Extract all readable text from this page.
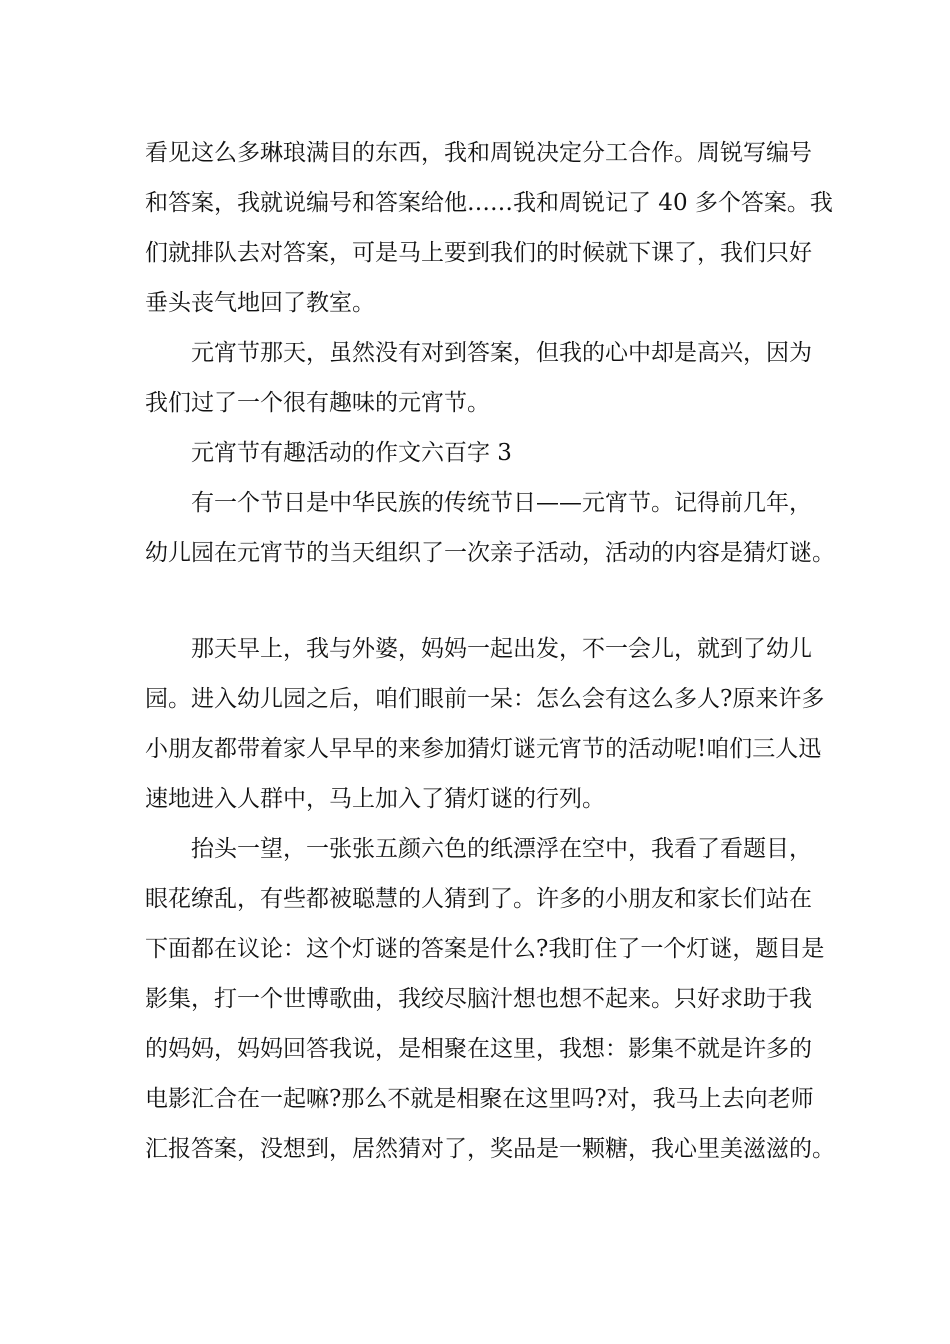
看见这么多琳琅满目的东西，我和周锐决定分工合作。周锐写编号
和答案，我就说编号和答案给他……我和周锐记了 40 多个答案。我
们就排队去对答案，可是马上要到我们的时候就下课了，我们只好
垂头丧气地回了教室。
元宵节那天，虽然没有对到答案，但我的心中却是高兴，因为
我们过了一个很有趣味的元宵节。
元宵节有趣活动的作文六百字 3
有一个节日是中华民族的传统节日——元宵节。记得前几年，
幼儿园在元宵节的当天组织了一次亲子活动，活动的内容是猜灯谜。
那天早上，我与外婆，妈妈一起出发，不一会儿，就到了幼儿
园。进入幼儿园之后，咱们眼前一呆：怎么会有这么多人?原来许多
小朋友都带着家人早早的来参加猜灯谜元宵节的活动呢!咱们三人迅
速地进入人群中，马上加入了猜灯谜的行列。
抬头一望，一张张五颜六色的纸漂浮在空中，我看了看题目，
眼花缭乱，有些都被聪慧的人猜到了。许多的小朋友和家长们站在
下面都在议论：这个灯谜的答案是什么?我盯住了一个灯谜，题目是
影集，打一个世博歌曲，我绞尽脑汁想也想不起来。只好求助于我
的妈妈，妈妈回答我说，是相聚在这里，我想：影集不就是许多的
电影汇合在一起嘛?那么不就是相聚在这里吗?对，我马上去向老师
汇报答案，没想到，居然猜对了，奖品是一颗糖，我心里美滋滋的。
